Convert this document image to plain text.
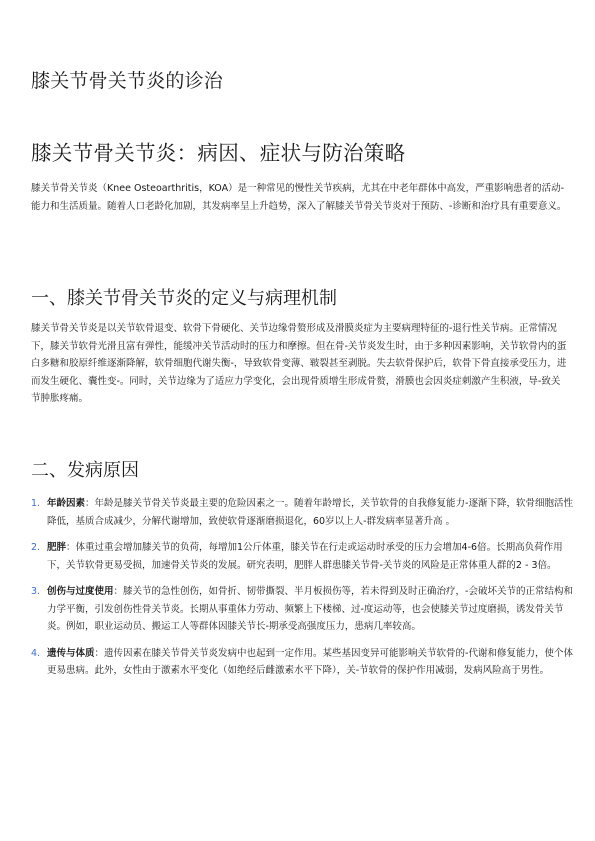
膝关节骨关节炎的诊治
膝关节骨关节炎：病因、症状与防治策略

膝关节骨关节炎（Knee Osteoarthritis，KOA）是一种常见的慢性关节疾病，尤其在中老年群体中高发，严重影响患者的活动-能力和生活质量。随着人口老龄化加剧，其发病率呈上升趋势，深入了解膝关节骨关节炎对于预防、-诊断和治疗具有重要意义。

一、膝关节骨关节炎的定义与病理机制

膝关节骨关节炎是以关节软骨退变、软骨下骨硬化、关节边缘骨赘形成及滑膜炎症为主要病理特征的-退行性关节病。正常情况下，膝关节软骨光滑且富有弹性，能缓冲关节活动时的压力和摩擦。但在骨-关节炎发生时，由于多种因素影响，关节软骨内的蛋白多糖和胶原纤维逐渐降解，软骨细胞代谢失衡-，导致软骨变薄、皲裂甚至剥脱。失去软骨保护后，软骨下骨直接承受压力，进而发生硬化、囊性变-。同时，关节边缘为了适应力学变化，会出现骨质增生形成骨赘，滑膜也会因炎症刺激产生积液，导-致关节肿胀疼痛。

二、发病原因
1. 年龄因素：年龄是膝关节骨关节炎最主要的危险因素之一。随着年龄增长，关节软骨的自我修复能力-逐渐下降，软骨细胞活性降低，基质合成减少，分解代谢增加，致使软骨逐渐磨损退化，60岁以上人-群发病率显著升高 。
2. 肥胖：体重过重会增加膝关节的负荷，每增加1公斤体重，膝关节在行走或运动时承受的压力会增加4-6倍。长期高负荷作用下，关节软骨更易受损，加速骨关节炎的发展。研究表明，肥胖人群患膝关节骨-关节炎的风险是正常体重人群的2 - 3倍。
3. 创伤与过度使用：膝关节的急性创伤，如骨折、韧带撕裂、半月板损伤等，若未得到及时正确治疗，-会破坏关节的正常结构和力学平衡，引发创伤性骨关节炎。长期从事重体力劳动、频繁上下楼梯、过-度运动等，也会使膝关节过度磨损，诱发骨关节炎。例如，职业运动员、搬运工人等群体因膝关节长-期承受高强度压力，患病几率较高。
4. 遗传与体质：遗传因素在膝关节骨关节炎发病中也起到一定作用。某些基因变异可能影响关节软骨的-代谢和修复能力，使个体更易患病。此外，女性由于激素水平变化（如绝经后雌激素水平下降），关-节软骨的保护作用减弱，发病风险高于男性。
